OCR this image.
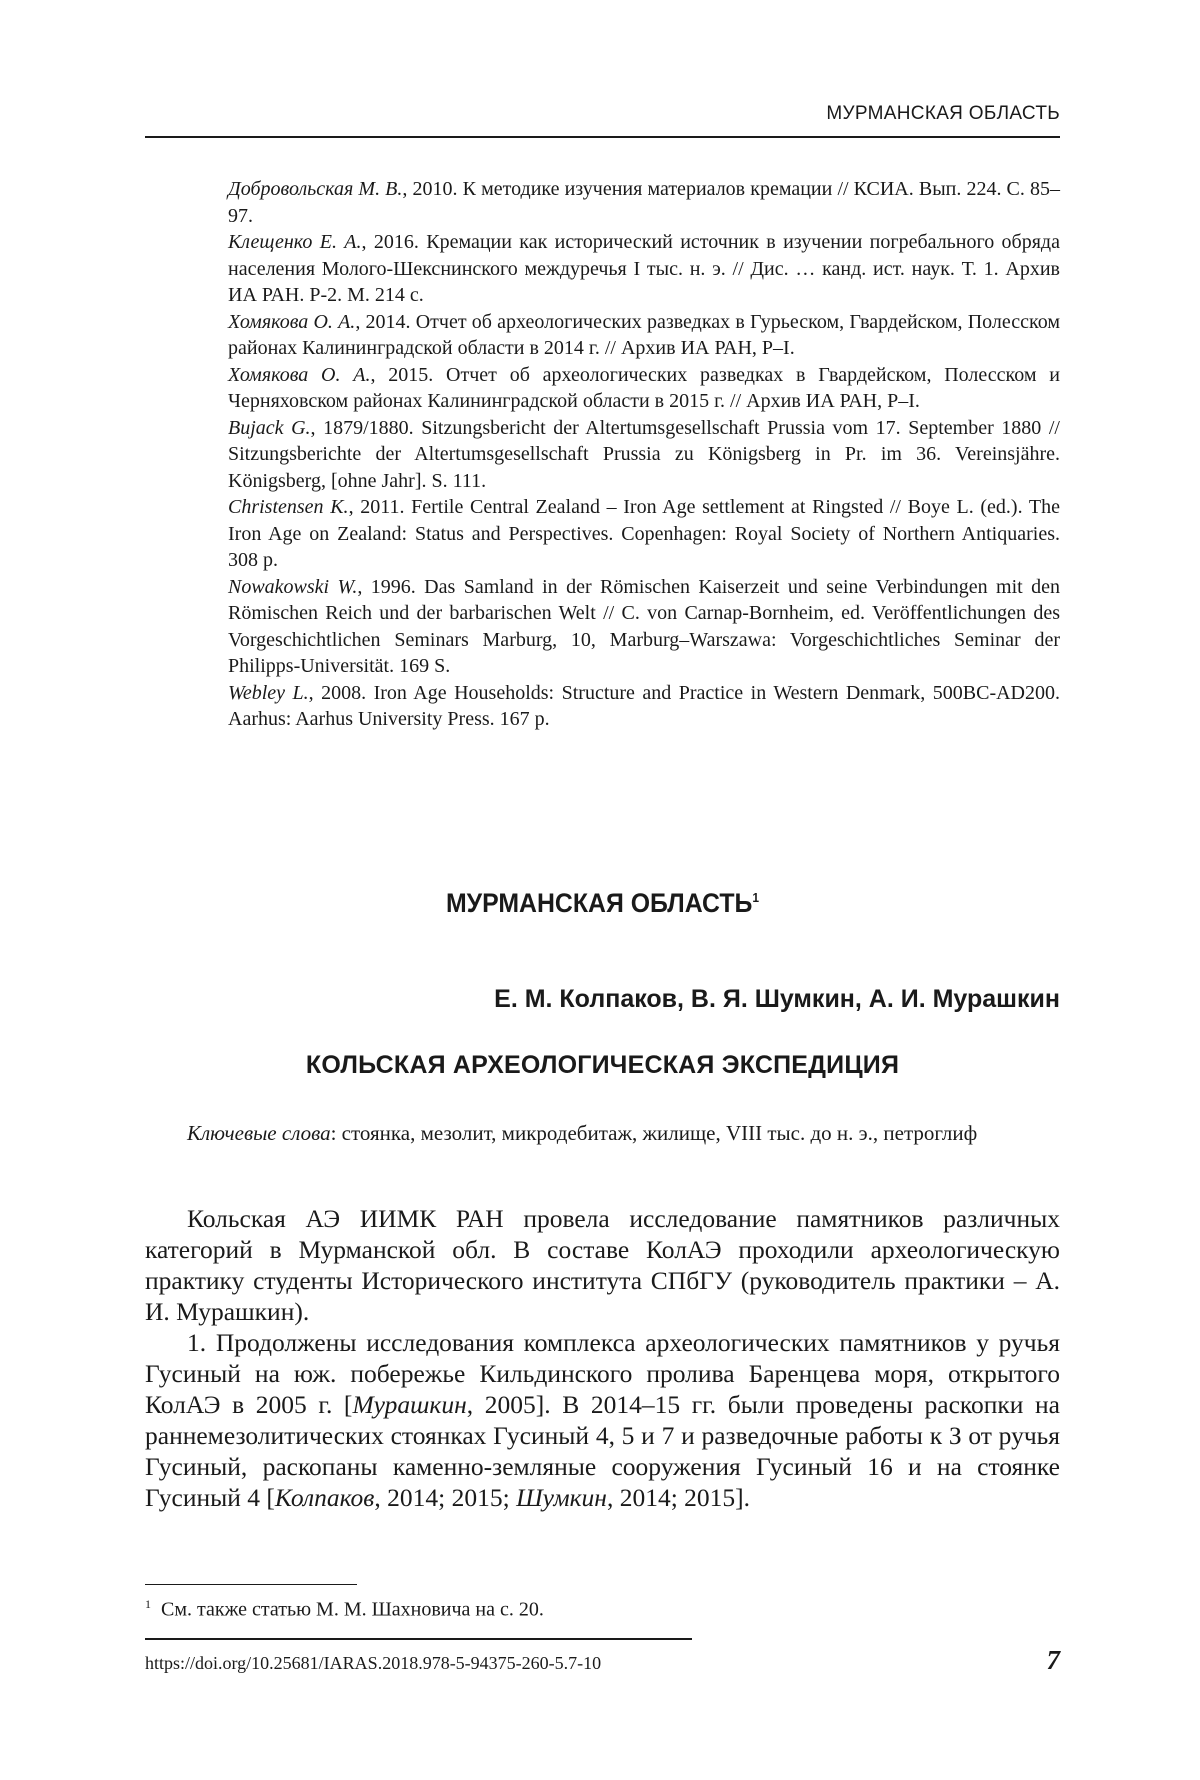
МУРМАНСКАЯ ОБЛАСТЬ

Добровольская М. В., 2010. К методике изучения материалов кремации // КСИА. Вып. 224. С. 85–97.

Клещенко Е. А., 2016. Кремации как исторический источник в изучении погребального обряда населения Молого-Шекснинского междуречья I тыс. н. э. // Дис. … канд. ист. наук. Т. 1. Архив ИА РАН. Р-2. М. 214 с.

Хомякова О. А., 2014. Отчет об археологических разведках в Гурьеском, Гвардейском, Полесском районах Калининградской области в 2014 г. // Архив ИА РАН, Р–I.

Хомякова О. А., 2015. Отчет об археологических разведках в Гвардейском, Полесском и Черняховском районах Калининградской области в 2015 г. // Архив ИА РАН, Р–I.

Bujack G., 1879/1880. Sitzungsbericht der Altertumsgesellschaft Prussia vom 17. September 1880 // Sitzungsberichte der Altertumsgesellschaft Prussia zu Königsberg in Pr. im 36. Vereinsjähre. Königsberg, [ohne Jahr]. S. 111.

Christensen K., 2011. Fertile Central Zealand – Iron Age settlement at Ringsted // Boye L. (ed.). The Iron Age on Zealand: Status and Perspectives. Copenhagen: Royal Society of Northern Antiquaries. 308 p.

Nowakowski W., 1996. Das Samland in der Römischen Kaiserzeit und seine Verbindungen mit den Römischen Reich und der barbarischen Welt // C. von Carnap-Bornheim, ed. Veröffentlichungen des Vorgeschichtlichen Seminars Marburg, 10, Marburg–Warszawa: Vorgeschichtliches Seminar der Philipps-Universität. 169 S.

Webley L., 2008. Iron Age Households: Structure and Practice in Western Denmark, 500BC-AD200. Aarhus: Aarhus University Press. 167 p.

МУРМАНСКАЯ ОБЛАСТЬ$^1$
Е. М. Колпаков, В. Я. Шумкин, А. И. Мурашкин
КОЛЬСКАЯ АРХЕОЛОГИЧЕСКАЯ ЭКСПЕДИЦИЯ
Ключевые слова: стоянка, мезолит, микродебитаж, жилище, VIII тыс. до н. э., петроглиф

Кольская АЭ ИИМК РАН провела исследование памятников различных категорий в Мурманской обл. В составе КолАЭ проходили археологическую практику студенты Исторического института СПбГУ (руководитель практики – А. И. Мурашкин).

1. Продолжены исследования комплекса археологических памятников у ручья Гусиный на юж. побережье Кильдинского пролива Баренцева моря, открытого КолАЭ в 2005 г. [Мурашкин, 2005]. В 2014–15 гг. были проведены раскопки на раннемезолитических стоянках Гусиный 4, 5 и 7 и разведочные работы к З от ручья Гусиный, раскопаны каменно-земляные сооружения Гусиный 16 и на стоянке Гусиный 4 [Колпаков, 2014; 2015; Шумкин, 2014; 2015].

$^1$ См. также статью М. М. Шахновича на с. 20.
https://doi.org/10.25681/IARAS.2018.978-5-94375-260-5.7-10	7
